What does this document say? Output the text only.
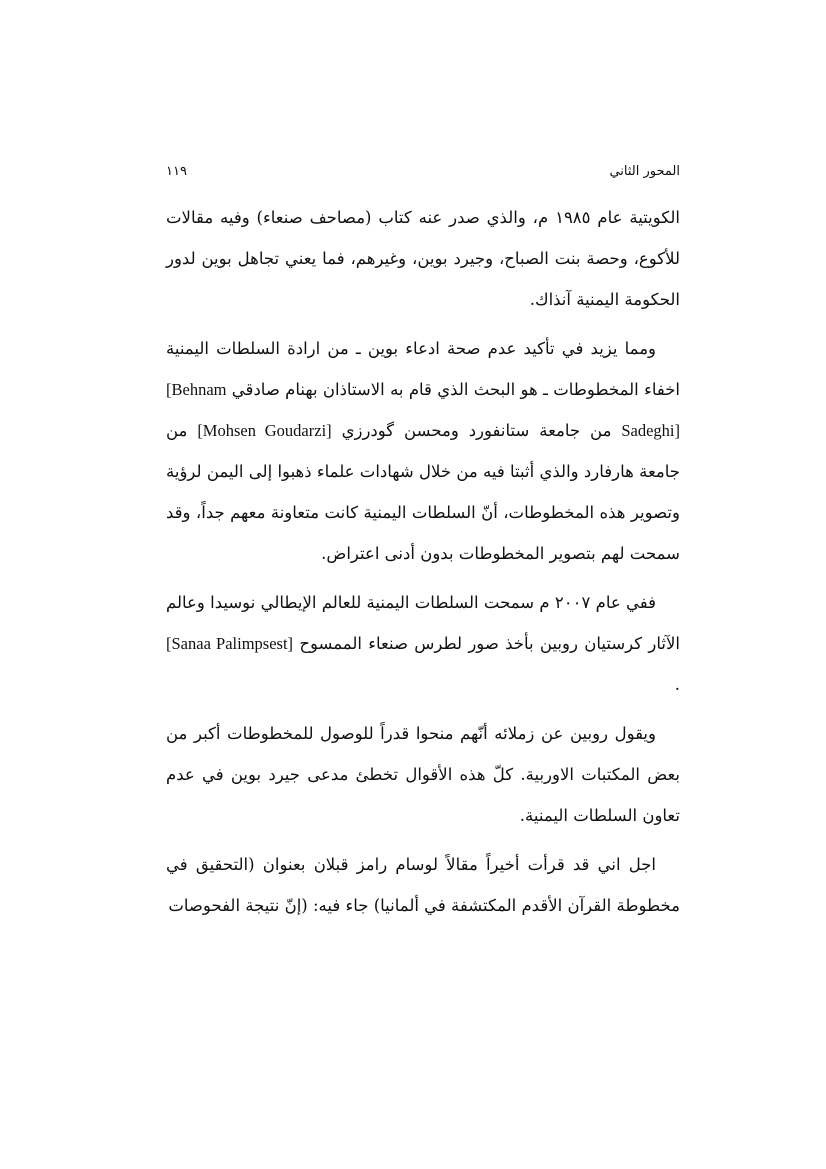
المحور الثاني
١١٩

الكويتية عام ١٩٨٥ م، والذي صدر عنه كتاب (مصاحف صنعاء) وفيه مقالات للأكوع، وحصة بنت الصباح، وجيرد بوين، وغيرهم، فما يعني تجاهل بوين لدور الحكومة اليمنية آنذاك.

ومما يزيد في تأكيد عدم صحة ادعاء بوين ـ من ارادة السلطات اليمنية اخفاء المخطوطات ـ هو البحث الذي قام به الاستاذان بهنام صادقي [Behnam Sadeghi] من جامعة ستانفورد ومحسن گودرزي [Mohsen Goudarzi] من جامعة هارفارد والذي أثبتا فيه من خلال شهادات علماء ذهبوا إلى اليمن لرؤية وتصوير هذه المخطوطات، أنّ السلطات اليمنية كانت متعاونة معهم جداً، وقد سمحت لهم بتصوير المخطوطات بدون أدنى اعتراض.

ففي عام ٢٠٠٧ م سمحت السلطات اليمنية للعالم الإيطالي نوسيدا وعالم الآثار كرستيان روبين بأخذ صور لطرس صنعاء الممسوح [Sanaa Palimpsest] .

ويقول روبين عن زملائه أنّهم منحوا قدراً للوصول للمخطوطات أكبر من بعض المكتبات الاوربية. كلّ هذه الأقوال تخطئ مدعى جيرد بوين في عدم تعاون السلطات اليمنية.

اجل اني قد قرأت أخيراً مقالاً لوسام رامز قبلان بعنوان (التحقيق في مخطوطة القرآن الأقدم المكتشفة في ألمانيا) جاء فيه: (إنّ نتيجة الفحوصات
